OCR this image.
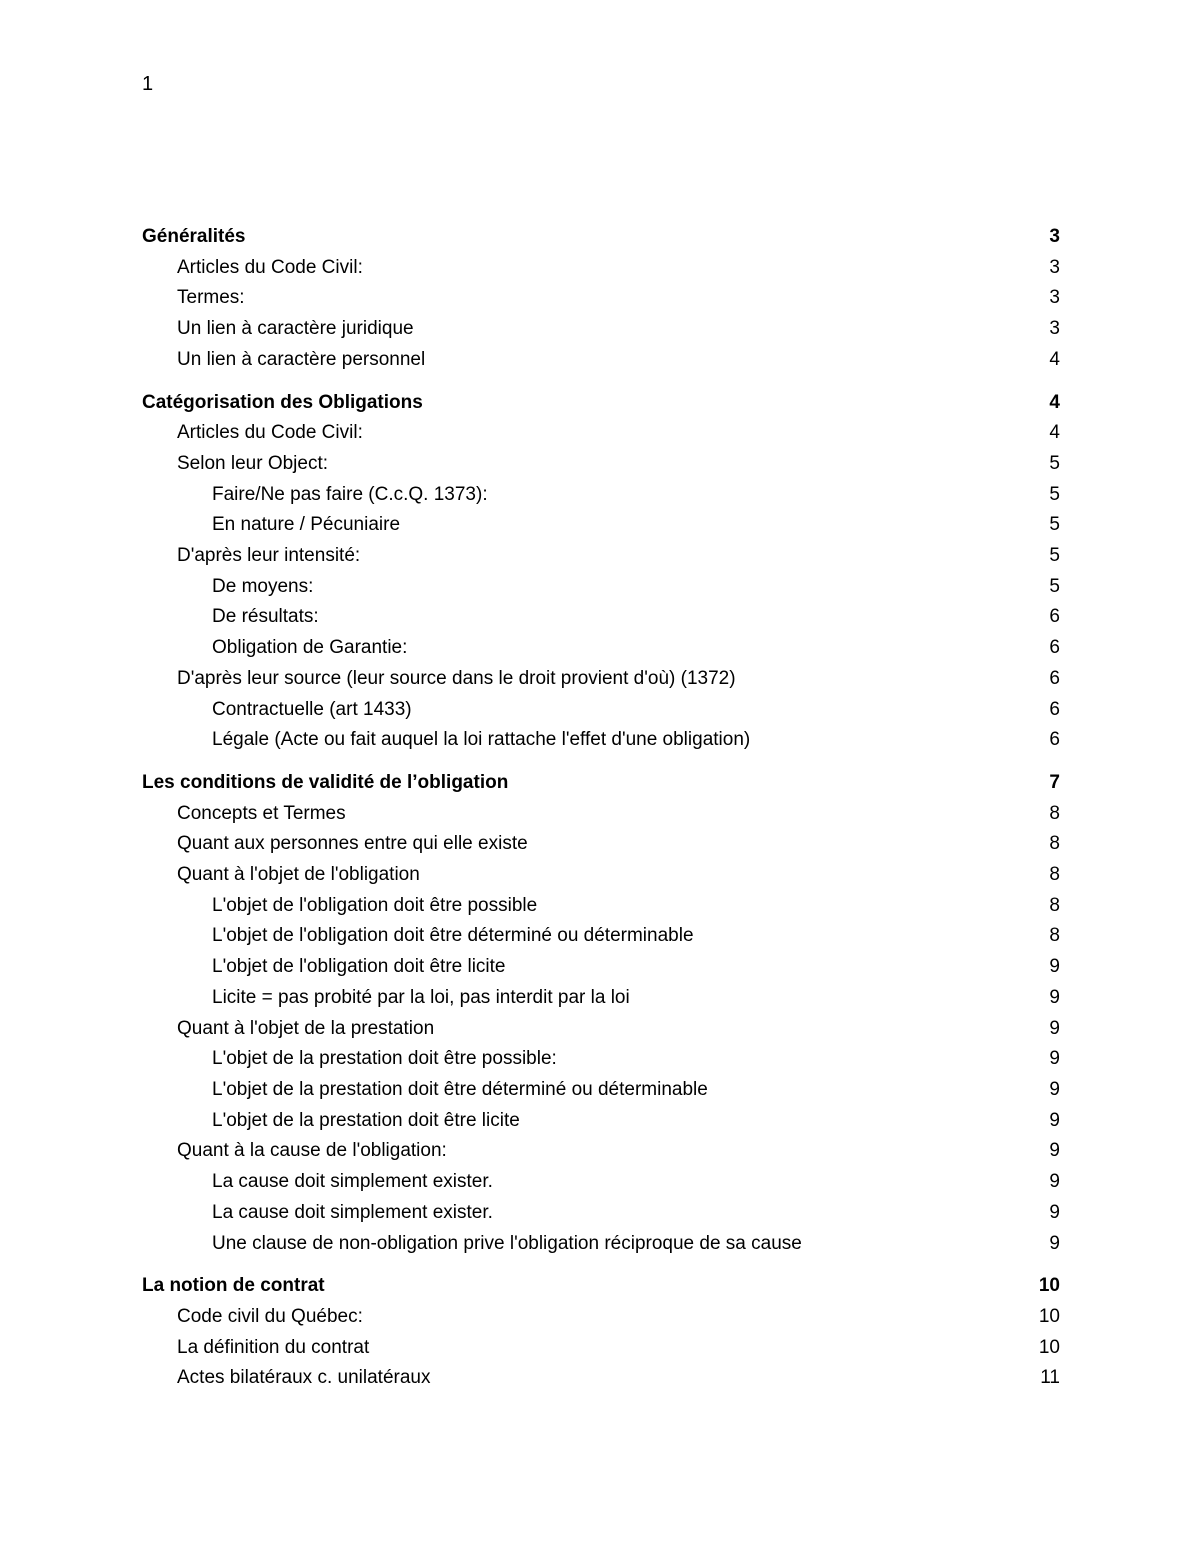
1
Généralités	3
Articles du Code Civil:	3
Termes:	3
Un lien à caractère juridique	3
Un lien à caractère personnel	4
Catégorisation des Obligations	4
Articles du Code Civil:	4
Selon leur Object:	5
Faire/Ne pas faire (C.c.Q. 1373):	5
En nature / Pécuniaire	5
D'après leur intensité:	5
De moyens:	5
De résultats:	6
Obligation de Garantie:	6
D'après leur source (leur source dans le droit provient d'où) (1372)	6
Contractuelle (art 1433)	6
Légale (Acte ou fait auquel la loi rattache l'effet d'une obligation)	6
Les conditions de validité de l’obligation	7
Concepts et Termes	8
Quant aux personnes entre qui elle existe	8
Quant à l'objet de l'obligation	8
L'objet de l'obligation doit être possible	8
L'objet de l'obligation doit être déterminé ou déterminable	8
L'objet de l'obligation doit être licite	9
Licite = pas probité par la loi, pas interdit par la loi	9
Quant à l'objet de la prestation	9
L'objet de la prestation doit être possible:	9
L'objet de la prestation doit être déterminé ou déterminable	9
L'objet de la prestation doit être licite	9
Quant à la cause de l'obligation:	9
La cause doit simplement exister.	9
La cause doit simplement exister.	9
Une clause de non-obligation prive l'obligation réciproque de sa cause	9
La notion de contrat	10
Code civil du Québec:	10
La définition du contrat	10
Actes bilatéraux c. unilatéraux	11
